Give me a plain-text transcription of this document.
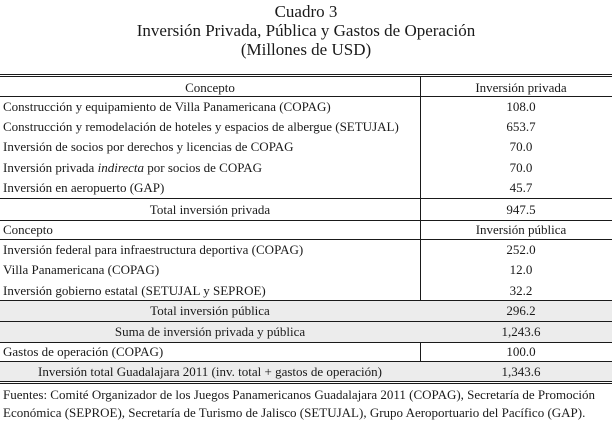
Cuadro 3
Inversión Privada, Pública y Gastos de Operación
(Millones de USD)
Concepto	Inversión privada
Construcción y equipamiento de Villa Panamericana (COPAG)	108.0
Construcción y remodelación de hoteles y espacios de albergue (SETUJAL)	653.7
Inversión de socios por derechos y licencias de COPAG	70.0
Inversión privada indirecta por socios de COPAG	70.0
Inversión en aeropuerto (GAP)	45.7
Total inversión privada	947.5
Concepto	Inversión pública
Inversión federal para infraestructura deportiva (COPAG)	252.0
Villa Panamericana (COPAG)	12.0
Inversión gobierno estatal (SETUJAL y SEPROE)	32.2
Total inversión pública	296.2
Suma de inversión privada y pública	1,243.6
Gastos de operación (COPAG)	100.0
Inversión total Guadalajara 2011 (inv. total + gastos de operación)	1,343.6
Fuentes: Comité Organizador de los Juegos Panamericanos Guadalajara 2011 (COPAG), Secretaría de Promoción
Económica (SEPROE), Secretaría de Turismo de Jalisco (SETUJAL), Grupo Aeroportuario del Pacífico (GAP).
